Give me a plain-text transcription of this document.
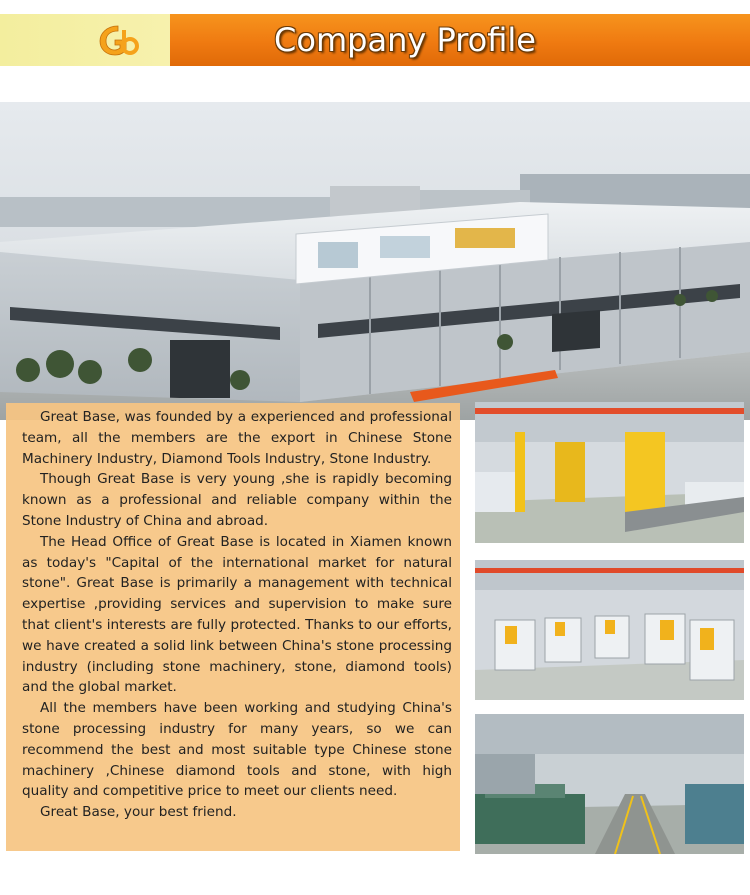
Company Profile

Great Base, was founded by a experienced and professional team, all the members are the export in Chinese Stone Machinery Industry, Diamond Tools Industry, Stone Industry.

Though Great Base is very young ,she is rapidly becoming known as a professional and reliable company within the Stone Industry of China and abroad.

The Head Office of Great Base is located in Xiamen known as today's "Capital of the international market for natural stone". Great Base is primarily a management with technical expertise ,providing services and supervision to make sure that client's interests are fully protected. Thanks to our efforts, we have created a solid link between China's stone processing industry (including stone machinery, stone, diamond tools) and the global market.

All the members have been working and studying China's stone processing industry for many years, so we can recommend the best and most suitable type Chinese stone machinery ,Chinese diamond tools and stone, with high quality and competitive price to meet our clients need.

Great Base, your best friend.
